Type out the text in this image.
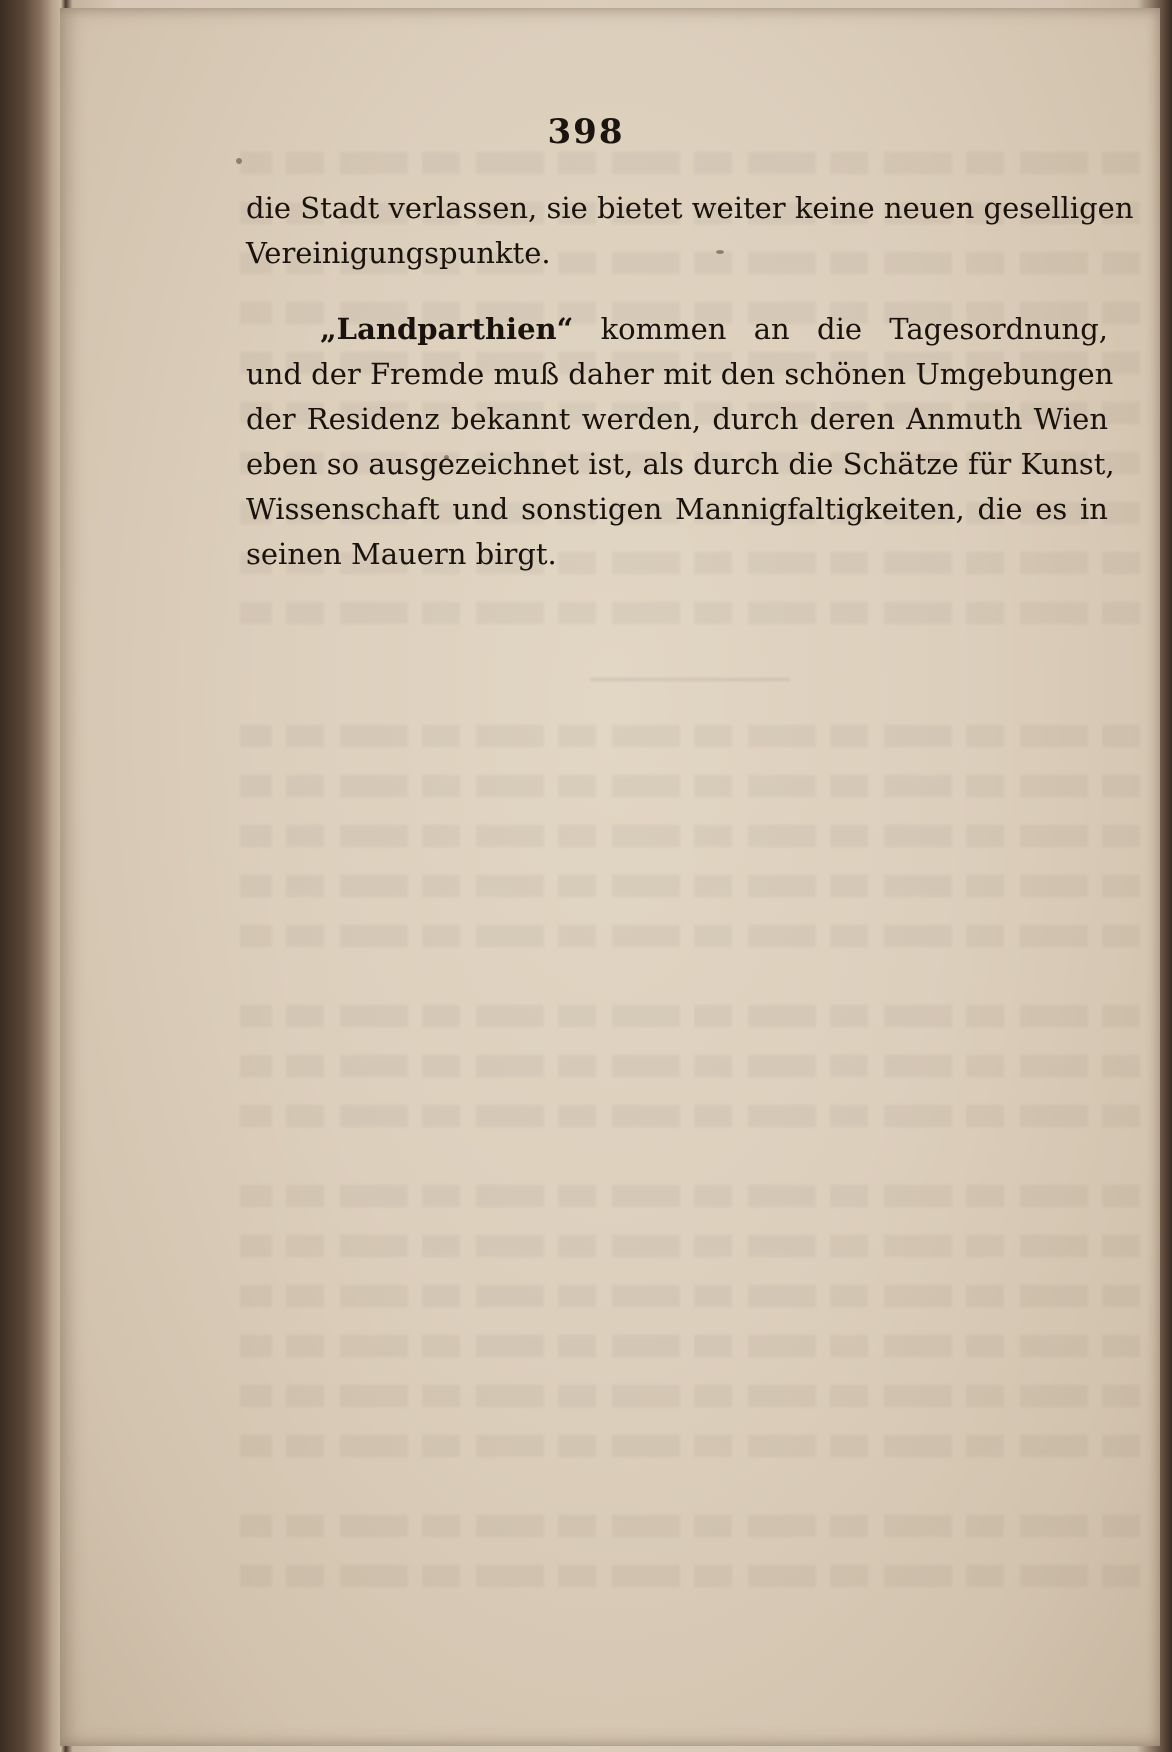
398
die Stadt verlassen, sie bietet weiter keine neuen geselligen
Vereinigungspunkte.
„Landparthien“ kommen an die Tagesordnung,
und der Fremde muß daher mit den schönen Umgebungen
der Residenz bekannt werden, durch deren Anmuth Wien
eben so ausgezeichnet ist, als durch die Schätze für Kunst,
Wissenschaft und sonstigen Mannigfaltigkeiten, die es in
seinen Mauern birgt.
